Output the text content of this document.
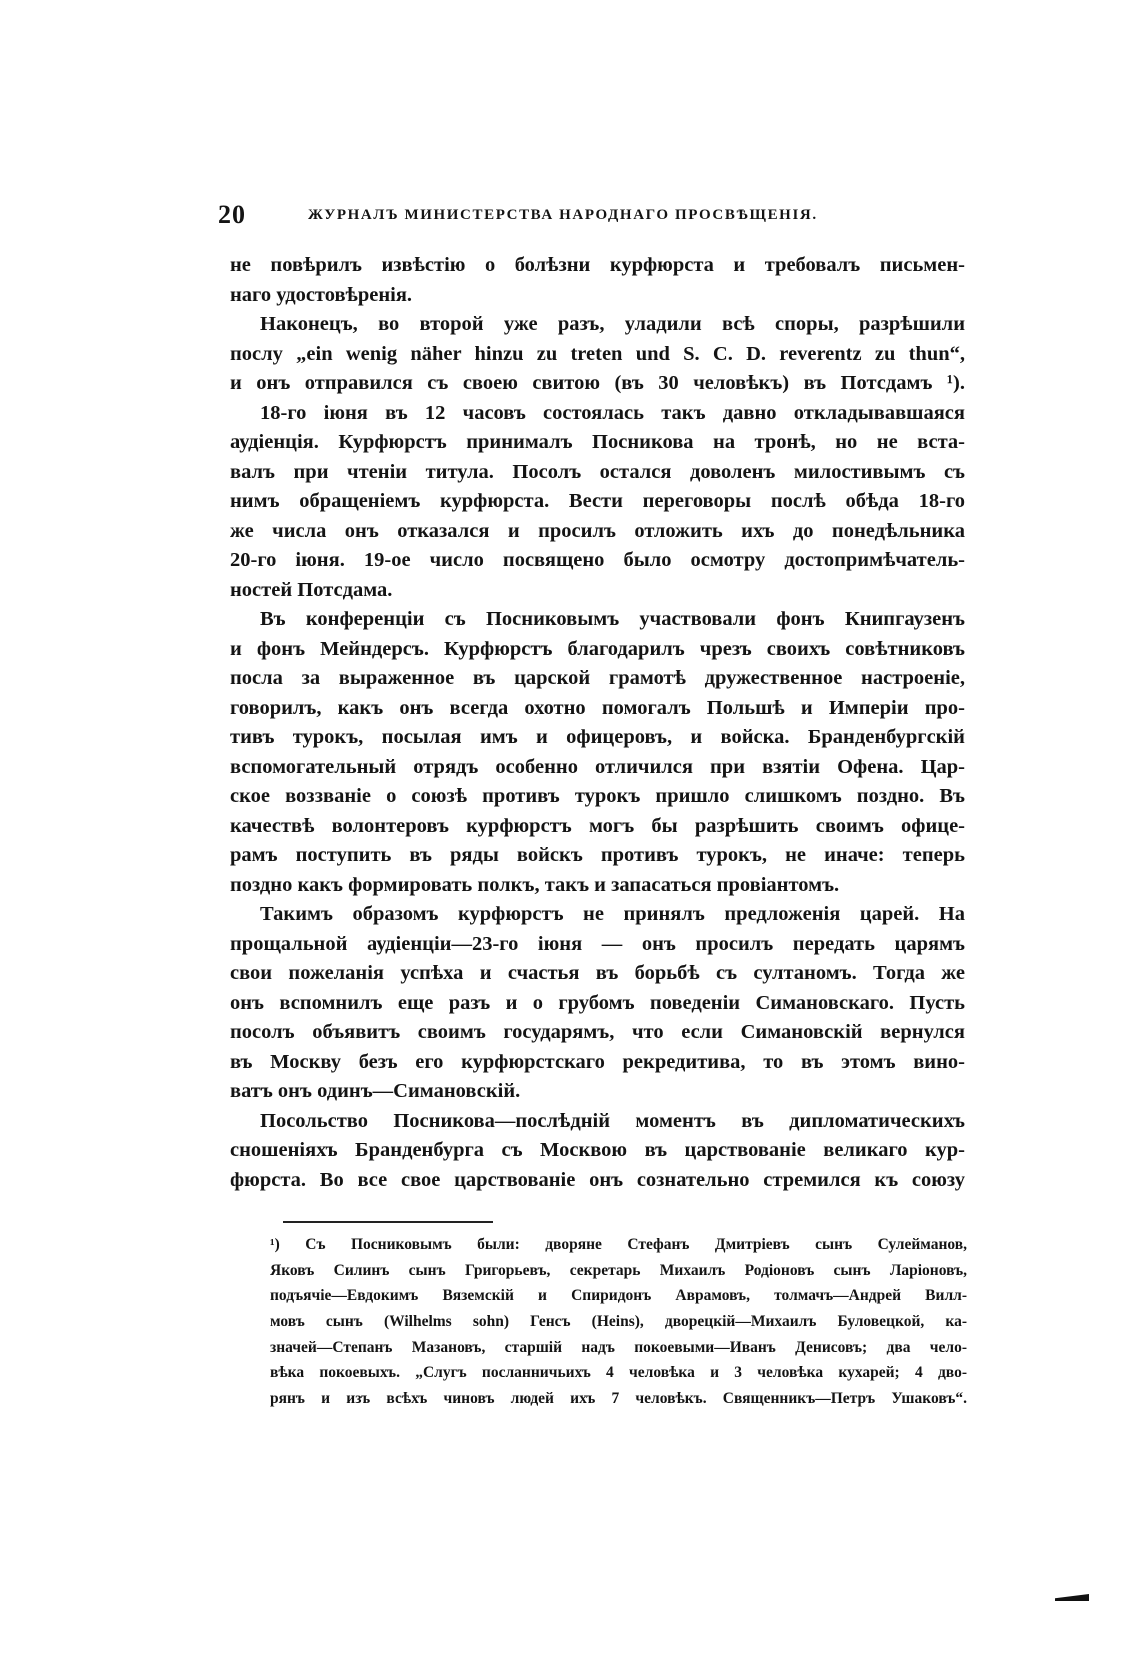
20	ЖУРНАЛЪ МИНИСТЕРСТВА НАРОДНАГО ПРОСВѢЩЕНІЯ.
не повѣрилъ извѣстію о болѣзни курфюрста и требовалъ письмен-
наго удостовѣренія.
Наконецъ, во второй уже разъ, уладили всѣ споры, разрѣшили
послу „ein wenig näher hinzu zu treten und S. C. D. reverentz zu thun“,
и онъ отправился съ своею свитою (въ 30 человѣкъ) въ Потсдамъ ¹).
18-го іюня въ 12 часовъ состоялась такъ давно откладывавшаяся
аудіенція. Курфюрстъ принималъ Посникова на тронѣ, но не вста-
валъ при чтеніи титула. Посолъ остался доволенъ милостивымъ съ
нимъ обращеніемъ курфюрста. Вести переговоры послѣ обѣда 18-го
же числа онъ отказался и просилъ отложить ихъ до понедѣльника
20-го іюня. 19-ое число посвящено было осмотру достопримѣчатель-
ностей Потсдама.
Въ конференціи съ Посниковымъ участвовали фонъ Книпгаузенъ
и фонъ Мейндерсъ. Курфюрстъ благодарилъ чрезъ своихъ совѣтниковъ
посла за выраженное въ царской грамотѣ дружественное настроеніе,
говорилъ, какъ онъ всегда охотно помогалъ Польшѣ и Имперіи про-
тивъ турокъ, посылая имъ и офицеровъ, и войска. Бранденбургскій
вспомогательный отрядъ особенно отличился при взятіи Офена. Цар-
ское воззваніе о союзѣ противъ турокъ пришло слишкомъ поздно. Въ
качествѣ волонтеровъ курфюрстъ могъ бы разрѣшить своимъ офице-
рамъ поступить въ ряды войскъ противъ турокъ, не иначе: теперь
поздно какъ формировать полкъ, такъ и запасаться провіантомъ.
Такимъ образомъ курфюрстъ не принялъ предложенія царей. На
прощальной аудіенціи—23-го іюня — онъ просилъ передать царямъ
свои пожеланія успѣха и счастья въ борьбѣ съ султаномъ. Тогда же
онъ вспомнилъ еще разъ и о грубомъ поведеніи Симановскаго. Пусть
посолъ объявитъ своимъ государямъ, что если Симановскій вернулся
въ Москву безъ его курфюрстскаго рекредитива, то въ этомъ вино-
ватъ онъ одинъ—Симановскій.
Посольство Посникова—послѣдній моментъ въ дипломатическихъ
сношеніяхъ Бранденбурга съ Москвою въ царствованіе великаго кур-
фюрста. Во все свое царствованіе онъ сознательно стремился къ союзу
¹) Съ Посниковымъ были: дворяне Стефанъ Дмитріевъ сынъ Сулейманов,
Яковъ Силинъ сынъ Григорьевъ, секретарь Михаилъ Родіоновъ сынъ Ларіоновъ,
подъячіе—Евдокимъ Вяземскій и Спиридонъ Аврамовъ, толмачъ—Андрей Вилл-
мовъ сынъ (Wilhelms sohn) Генсъ (Heins), дворецкій—Михаилъ Буловецкой, ка-
значей—Степанъ Мазановъ, старшій надъ покоевыми—Иванъ Денисовъ; два чело-
вѣка покоевыхъ. „Слугъ посланничьихъ 4 человѣка и 3 человѣка кухарей; 4 дво-
рянъ и изъ всѣхъ чиновъ людей ихъ 7 человѣкъ. Священникъ—Петръ Ушаковъ“.
